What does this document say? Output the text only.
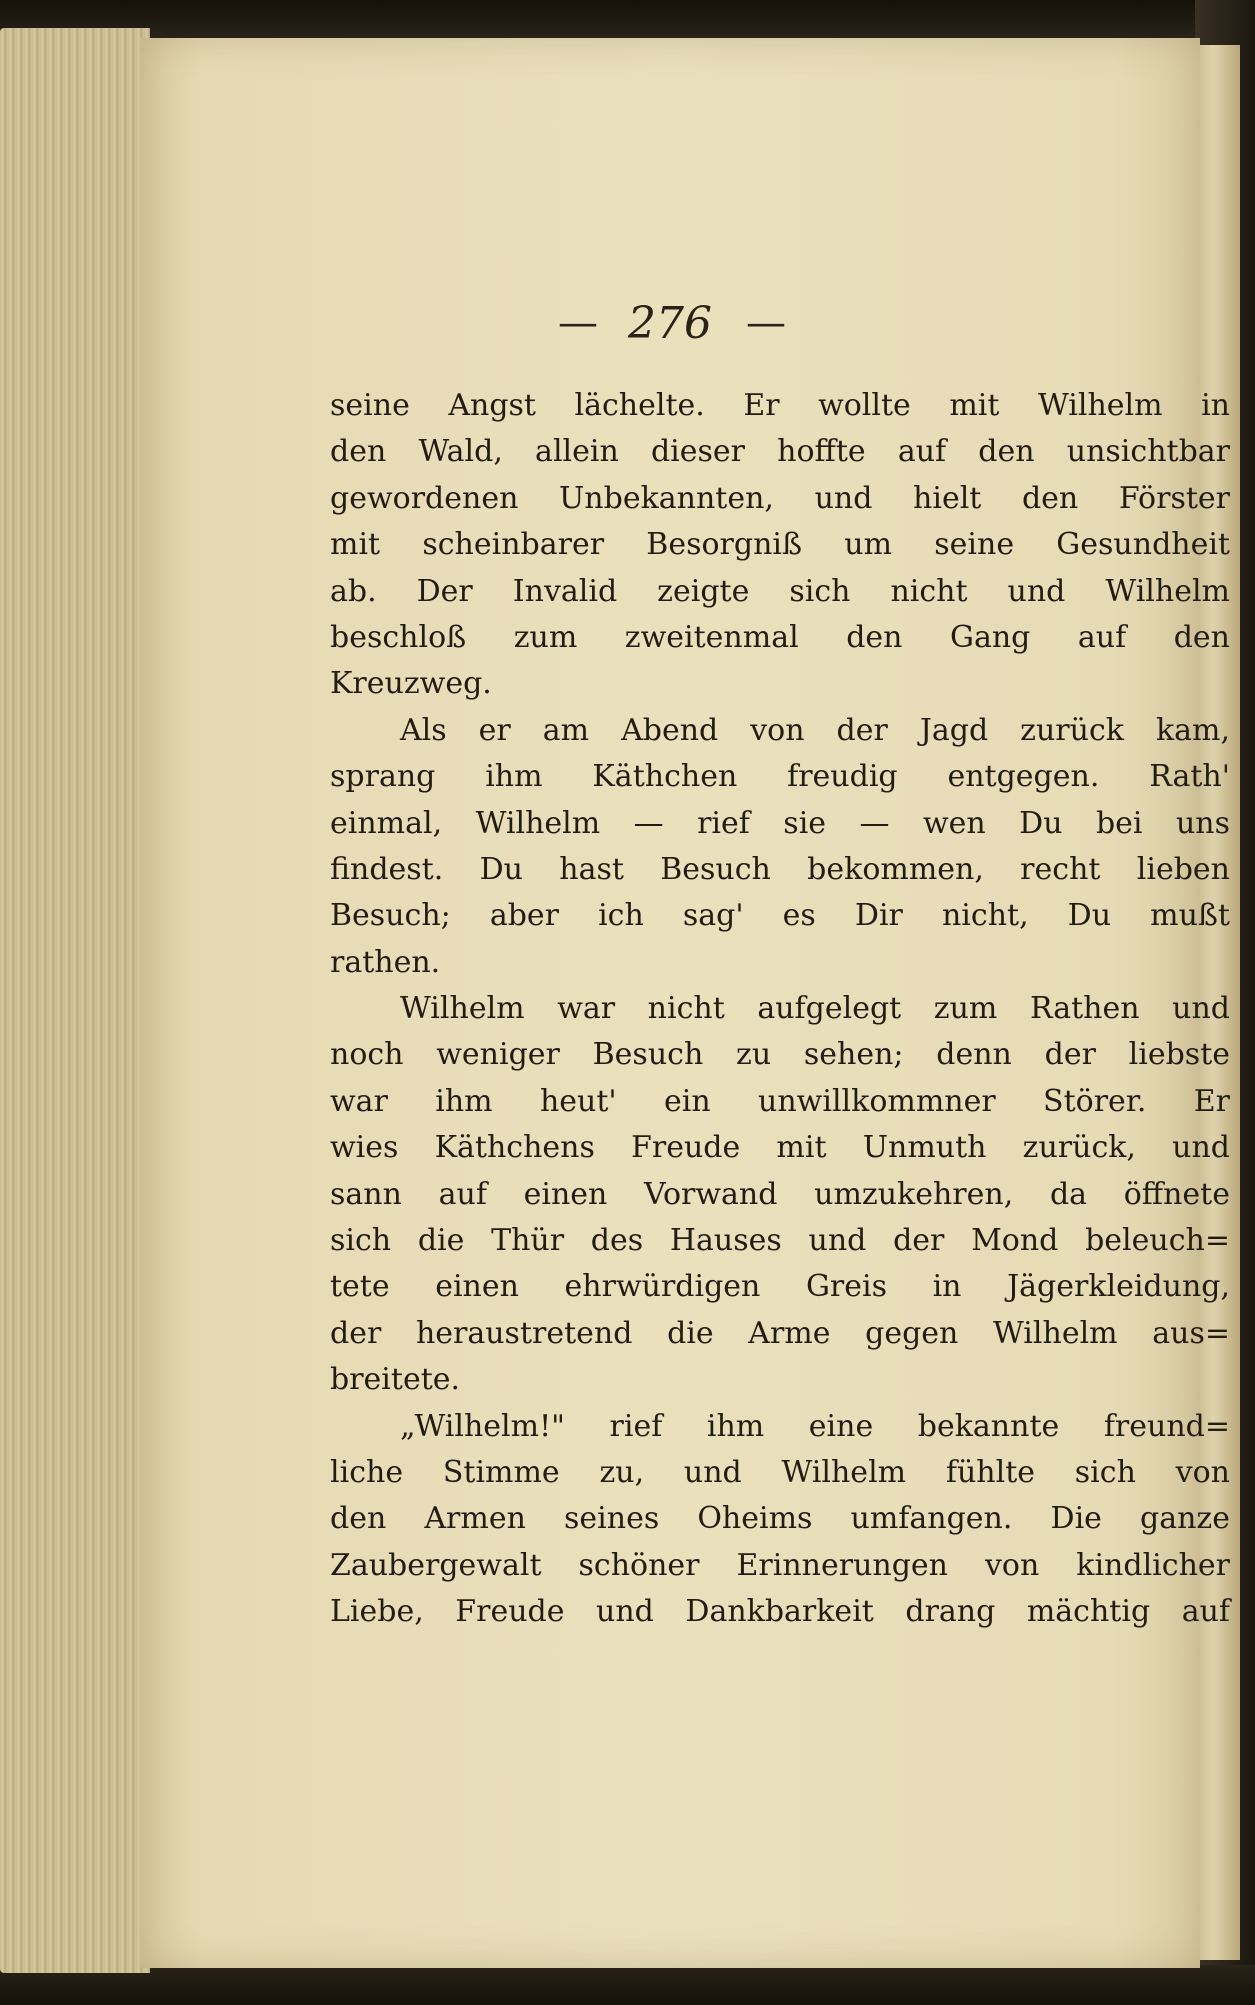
— 276 —
seine Angst lächelte. Er wollte mit Wilhelm in
den Wald, allein dieser hoffte auf den unsichtbar
gewordenen Unbekannten, und hielt den Förster
mit scheinbarer Besorgniß um seine Gesundheit
ab. Der Invalid zeigte sich nicht und Wilhelm
beschloß zum zweitenmal den Gang auf den
Kreuzweg.
Als er am Abend von der Jagd zurück kam,
sprang ihm Käthchen freudig entgegen. Rath'
einmal, Wilhelm — rief sie — wen Du bei uns
findest. Du hast Besuch bekommen, recht lieben
Besuch; aber ich sag' es Dir nicht, Du mußt
rathen.
Wilhelm war nicht aufgelegt zum Rathen und
noch weniger Besuch zu sehen; denn der liebste
war ihm heut' ein unwillkommner Störer. Er
wies Käthchens Freude mit Unmuth zurück, und
sann auf einen Vorwand umzukehren, da öffnete
sich die Thür des Hauses und der Mond beleuch=
tete einen ehrwürdigen Greis in Jägerkleidung,
der heraustretend die Arme gegen Wilhelm aus=
breitete.
„Wilhelm!" rief ihm eine bekannte freund=
liche Stimme zu, und Wilhelm fühlte sich von
den Armen seines Oheims umfangen. Die ganze
Zaubergewalt schöner Erinnerungen von kindlicher
Liebe, Freude und Dankbarkeit drang mächtig auf
